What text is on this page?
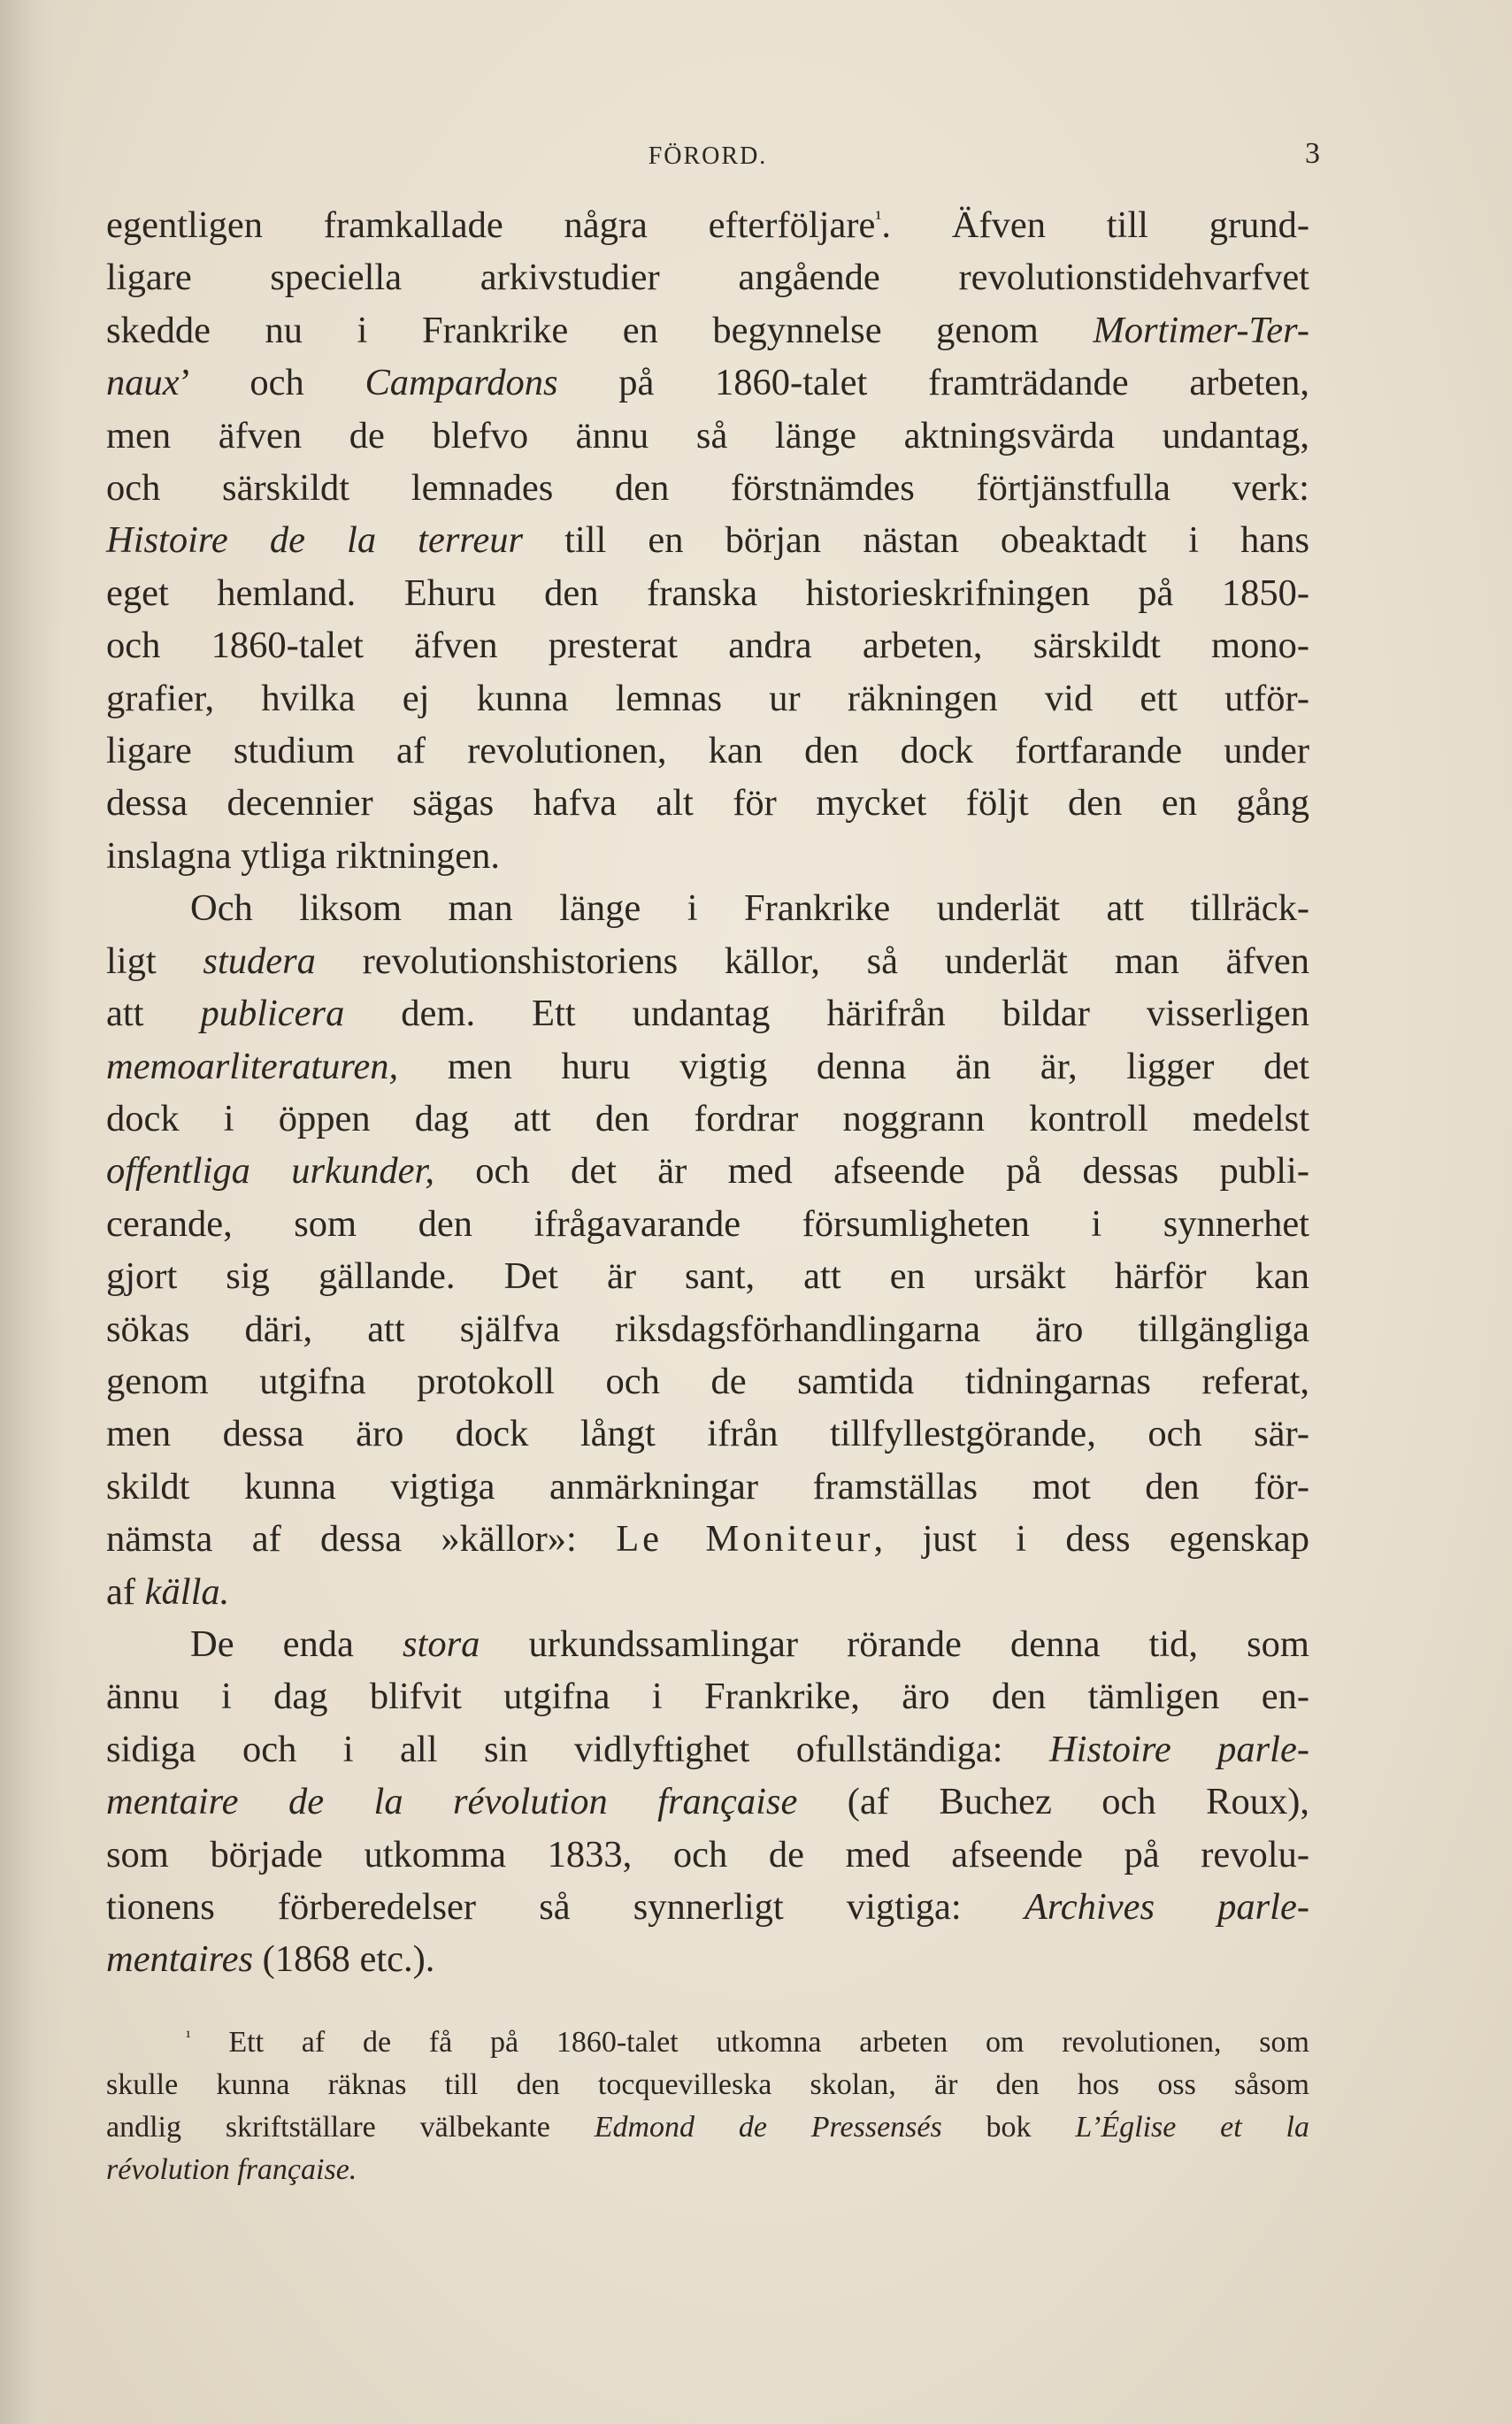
FÖRORD.	3

egentligen framkallade några efterföljare$^{^1}$. Äfven till grund-
ligare speciella arkivstudier angående revolutionstidehvarfvet
skedde nu i Frankrike en begynnelse genom Mortimer-Ter-
naux’ och Campardons på 1860-talet framträdande arbeten,
men äfven de blefvo ännu så länge aktningsvärda undantag,
och särskildt lemnades den förstnämdes förtjänstfulla verk:
Histoire de la terreur till en början nästan obeaktadt i hans
eget hemland. Ehuru den franska historieskrifningen på 1850-
och 1860-talet äfven presterat andra arbeten, särskildt mono-
grafier, hvilka ej kunna lemnas ur räkningen vid ett utför-
ligare studium af revolutionen, kan den dock fortfarande under
dessa decennier sägas hafva alt för mycket följt den en gång
inslagna ytliga riktningen.

Och liksom man länge i Frankrike underlät att tillräck-
ligt studera revolutionshistoriens källor, så underlät man äfven
att publicera dem. Ett undantag härifrån bildar visserligen
memoarliteraturen, men huru vigtig denna än är, ligger det
dock i öppen dag att den fordrar noggrann kontroll medelst
offentliga urkunder, och det är med afseende på dessas publi-
cerande, som den ifrågavarande försumligheten i synnerhet
gjort sig gällande. Det är sant, att en ursäkt härför kan
sökas däri, att själfva riksdagsförhandlingarna äro tillgängliga
genom utgifna protokoll och de samtida tidningarnas referat,
men dessa äro dock långt ifrån tillfyllestgörande, och sär-
skildt kunna vigtiga anmärkningar framställas mot den för-
nämsta af dessa »källor»: Le Moniteur, just i dess egenskap
af källa.

De enda stora urkundssamlingar rörande denna tid, som
ännu i dag blifvit utgifna i Frankrike, äro den tämligen en-
sidiga och i all sin vidlyftighet ofullständiga: Histoire parle-
mentaire de la révolution française (af Buchez och Roux),
som började utkomma 1833, och de med afseende på revolu-
tionens förberedelser så synnerligt vigtiga: Archives parle-
mentaires (1868 etc.).

$^{^1}$ Ett af de få på 1860-talet utkomna arbeten om revolutionen, som
skulle kunna räknas till den tocquevilleska skolan, är den hos oss såsom
andlig skriftställare välbekante Edmond de Pressensés bok L’Église et la
révolution française.
